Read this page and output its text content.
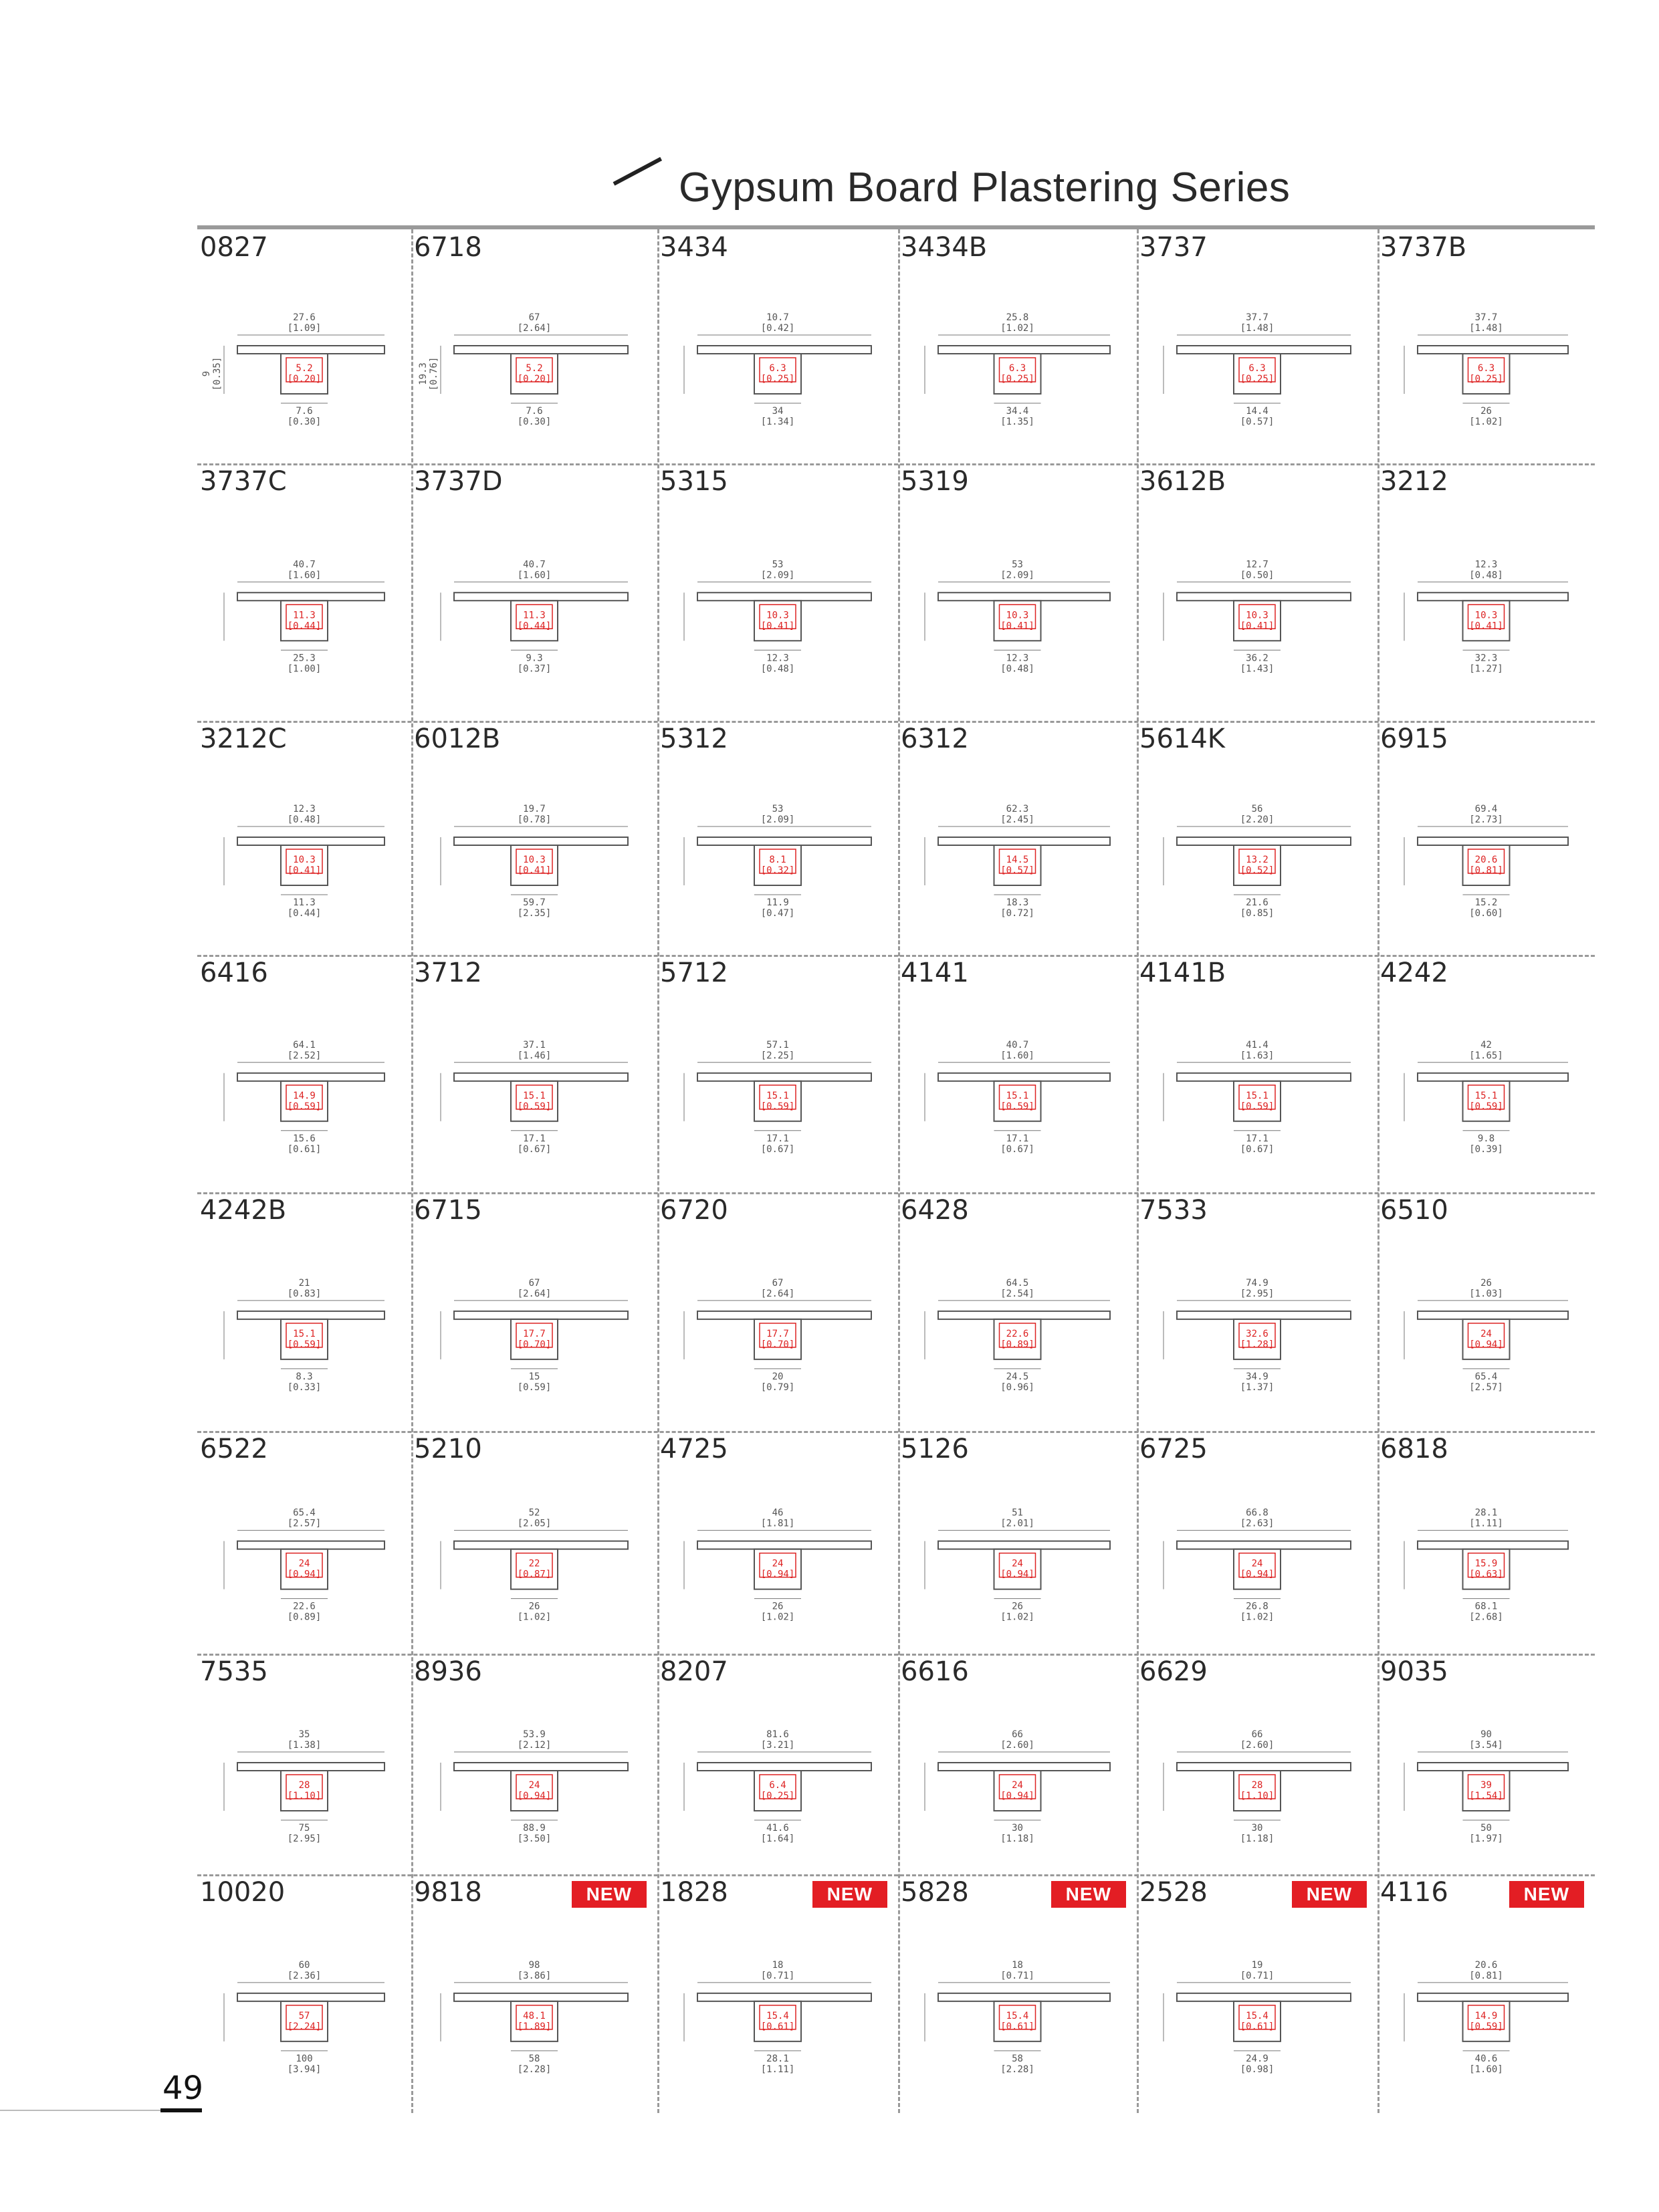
Gypsum Board Plastering Series
0827
27.6
[1.09]
9 [0.35]
7.6
[0.30]
5.2
[0.20]
6718
67
[2.64]
19.3 [0.76]
7.6
[0.30]
5.2
[0.20]
3434
10.7
[0.42]
34
[1.34]
6.3
[0.25]
3434B
25.8
[1.02]
34.4
[1.35]
6.3
[0.25]
3737
37.7
[1.48]
14.4
[0.57]
6.3
[0.25]
3737B
37.7
[1.48]
26
[1.02]
6.3
[0.25]
3737C
40.7
[1.60]
25.3
[1.00]
11.3
[0.44]
3737D
40.7
[1.60]
9.3
[0.37]
11.3
[0.44]
5315
53
[2.09]
12.3
[0.48]
10.3
[0.41]
5319
53
[2.09]
12.3
[0.48]
10.3
[0.41]
3612B
12.7
[0.50]
36.2
[1.43]
10.3
[0.41]
3212
12.3
[0.48]
32.3
[1.27]
10.3
[0.41]
3212C
12.3
[0.48]
11.3
[0.44]
10.3
[0.41]
6012B
19.7
[0.78]
59.7
[2.35]
10.3
[0.41]
5312
53
[2.09]
11.9
[0.47]
8.1
[0.32]
6312
62.3
[2.45]
18.3
[0.72]
14.5
[0.57]
5614K
56
[2.20]
21.6
[0.85]
13.2
[0.52]
6915
69.4
[2.73]
15.2
[0.60]
20.6
[0.81]
6416
64.1
[2.52]
15.6
[0.61]
14.9
[0.59]
3712
37.1
[1.46]
17.1
[0.67]
15.1
[0.59]
5712
57.1
[2.25]
17.1
[0.67]
15.1
[0.59]
4141
40.7
[1.60]
17.1
[0.67]
15.1
[0.59]
4141B
41.4
[1.63]
17.1
[0.67]
15.1
[0.59]
4242
42
[1.65]
9.8
[0.39]
15.1
[0.59]
4242B
21
[0.83]
8.3
[0.33]
15.1
[0.59]
6715
67
[2.64]
15
[0.59]
17.7
[0.70]
6720
67
[2.64]
20
[0.79]
17.7
[0.70]
6428
64.5
[2.54]
24.5
[0.96]
22.6
[0.89]
7533
74.9
[2.95]
34.9
[1.37]
32.6
[1.28]
6510
26
[1.03]
65.4
[2.57]
24
[0.94]
6522
65.4
[2.57]
22.6
[0.89]
24
[0.94]
5210
52
[2.05]
26
[1.02]
22
[0.87]
4725
46
[1.81]
26
[1.02]
24
[0.94]
5126
51
[2.01]
26
[1.02]
24
[0.94]
6725
66.8
[2.63]
26.8
[1.02]
24
[0.94]
6818
28.1
[1.11]
68.1
[2.68]
15.9
[0.63]
7535
35
[1.38]
75
[2.95]
28
[1.10]
8936
53.9
[2.12]
88.9
[3.50]
24
[0.94]
8207
81.6
[3.21]
41.6
[1.64]
6.4
[0.25]
6616
66
[2.60]
30
[1.18]
24
[0.94]
6629
66
[2.60]
30
[1.18]
28
[1.10]
9035
90
[3.54]
50
[1.97]
39
[1.54]
10020
60
[2.36]
100
[3.94]
57
[2.24]
9818	NEW
98
[3.86]
58
[2.28]
48.1
[1.89]
1828	NEW
18
[0.71]
28.1
[1.11]
15.4
[0.61]
5828	NEW
18
[0.71]
58
[2.28]
15.4
[0.61]
2528	NEW
19
[0.71]
24.9
[0.98]
15.4
[0.61]
4116	NEW
20.6
[0.81]
40.6
[1.60]
14.9
[0.59]
49
